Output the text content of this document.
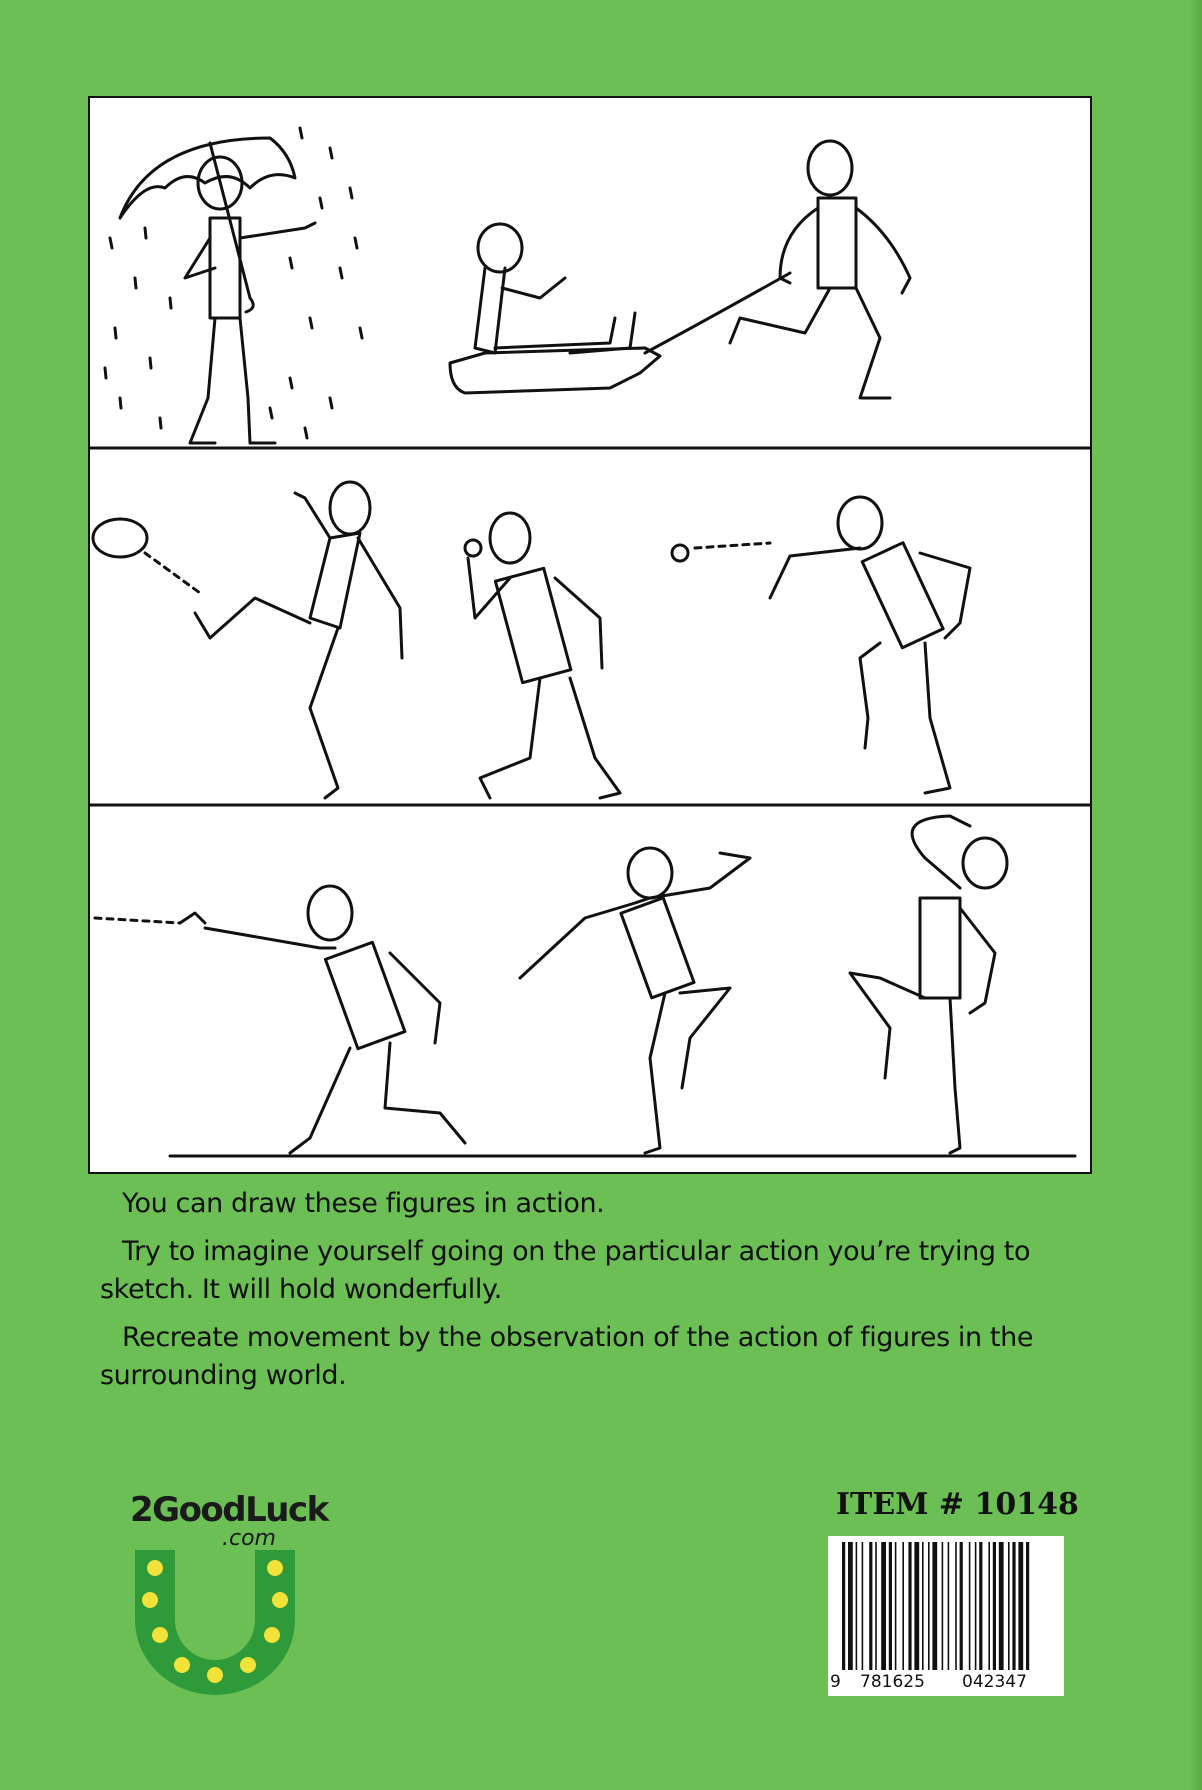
You can draw these figures in action.

Try to imagine yourself going on the particular action you’re trying to sketch. It will hold wonderfully.

Recreate movement by the observation of the action of figures in the surrounding world.

2GoodLuck
.com
ITEM # 10148
9 781625 042347
